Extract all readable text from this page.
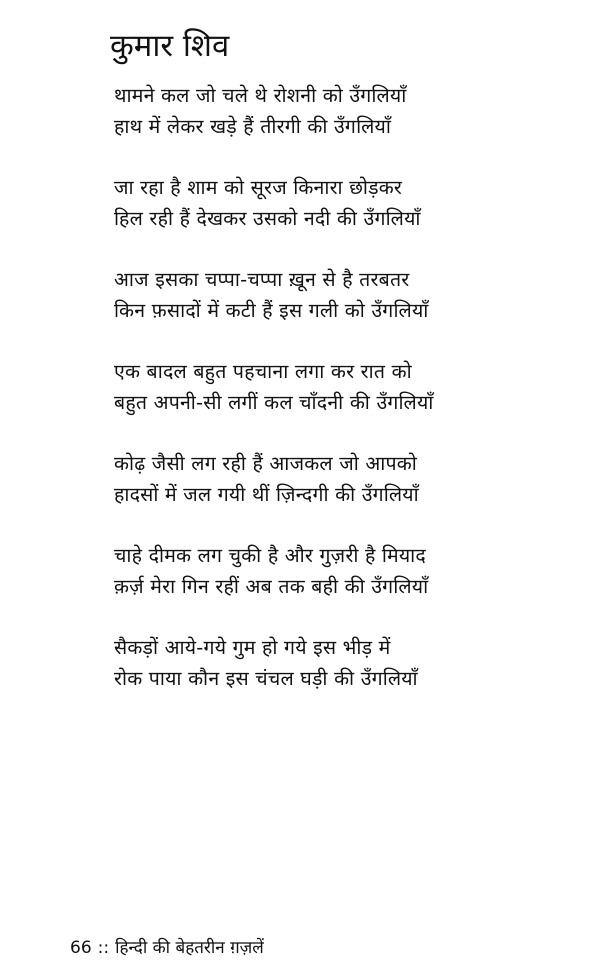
कुमार शिव
थामने कल जो चले थे रोशनी को उँगलियाँ
हाथ में लेकर खड़े हैं तीरगी की उँगलियाँ
जा रहा है शाम को सूरज किनारा छोड़कर
हिल रही हैं देखकर उसको नदी की उँगलियाँ
आज इसका चप्पा-चप्पा ख़ून से है तरबतर
किन फ़सादों में कटी हैं इस गली को उँगलियाँ
एक बादल बहुत पहचाना लगा कर रात को
बहुत अपनी-सी लगीं कल चाँदनी की उँगलियाँ
कोढ़ जैसी लग रही हैं आजकल जो आपको
हादसों में जल गयी थीं ज़िन्दगी की उँगलियाँ
चाहे दीमक लग चुकी है और गुज़री है मियाद
क़र्ज़ मेरा गिन रहीं अब तक बही की उँगलियाँ
सैकड़ों आये-गये गुम हो गये इस भीड़ में
रोक पाया कौन इस चंचल घड़ी की उँगलियाँ
66 :: हिन्दी की बेहतरीन ग़ज़लें
